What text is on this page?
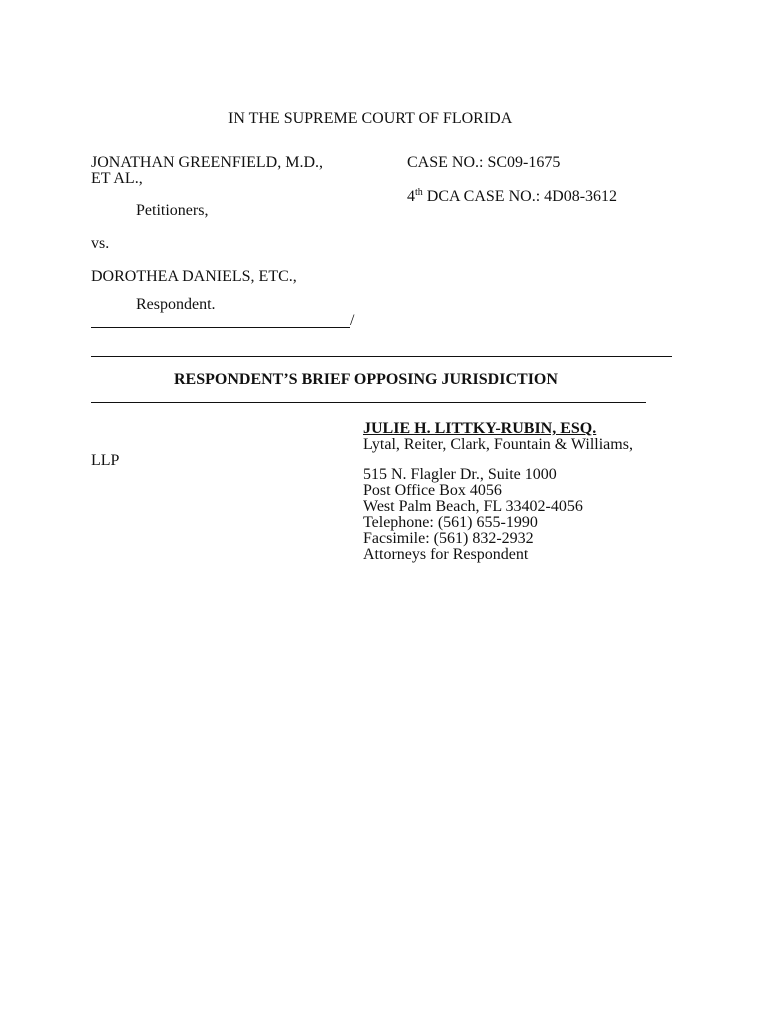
IN THE SUPREME COURT OF FLORIDA
JONATHAN GREENFIELD, M.D.,
ET AL.,
Petitioners,
vs.
DOROTHEA DANIELS, ETC.,
Respondent.
/
CASE NO.: SC09-1675
4th DCA CASE NO.: 4D08-3612
RESPONDENT’S BRIEF OPPOSING JURISDICTION
JULIE H. LITTKY-RUBIN, ESQ.
Lytal, Reiter, Clark, Fountain & Williams,
LLP
515 N. Flagler Dr., Suite 1000
Post Office Box 4056
West Palm Beach, FL 33402-4056
Telephone: (561) 655-1990
Facsimile: (561) 832-2932
Attorneys for Respondent
